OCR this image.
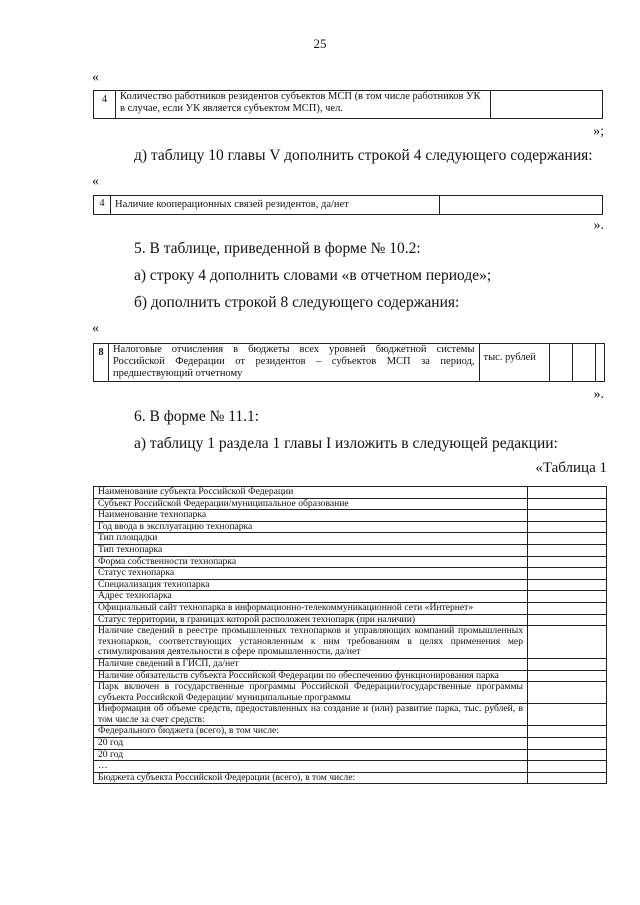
25
«
4	Количество работников резидентов субъектов МСП (в том числе работников УК в случае, если УК является субъектом МСП), чел.	
»;
д) таблицу 10 главы V дополнить строкой 4 следующего содержания:
«
4	Наличие кооперационных связей резидентов, да/нет	
».
5. В таблице, приведенной в форме № 10.2:
а) строку 4 дополнить словами «в отчетном периоде»;
б) дополнить строкой 8 следующего содержания:
«
8	Налоговые отчисления в бюджеты всех уровней бюджетной системы Российской Федерации от резидентов – субъектов МСП за период, предшествующий отчетному	тыс. рублей			
».
6. В форме № 11.1:
а) таблицу 1 раздела 1 главы I изложить в следующей редакции:
«Таблица 1
Наименование субъекта Российской Федерации	
Субъект Российской Федерации/муниципальное образование	
Наименование технопарка	
Год ввода в эксплуатацию технопарка	
Тип площадки	
Тип технопарка	
Форма собственности технопарка	
Статус технопарка	
Специализация технопарка	
Адрес технопарка	
Официальный сайт технопарка в информационно-телекоммуникационной сети «Интернет»	
Статус территории, в границах которой расположен технопарк (при наличии)	
Наличие сведений в реестре промышленных технопарков и управляющих компаний промышленных технопарков, соответствующих установленным к ним требованиям в целях применения мер стимулирования деятельности в сфере промышленности, да/нет	
Наличие сведений в ГИСП, да/нет	
Наличие обязательств субъекта Российской Федерации по обеспечению функционирования парка	
Парк включен в государственные программы Российской Федерации/государственные программы субъекта Российской Федерации/ муниципальные программы	
Информация об объеме средств, предоставленных на создание и (или) развитие парка, тыс. рублей, в том числе за счет средств:	
Федерального бюджета (всего), в том числе:	
20 год	
20 год	
…	
Бюджета субъекта Российской Федерации (всего), в том числе:	
